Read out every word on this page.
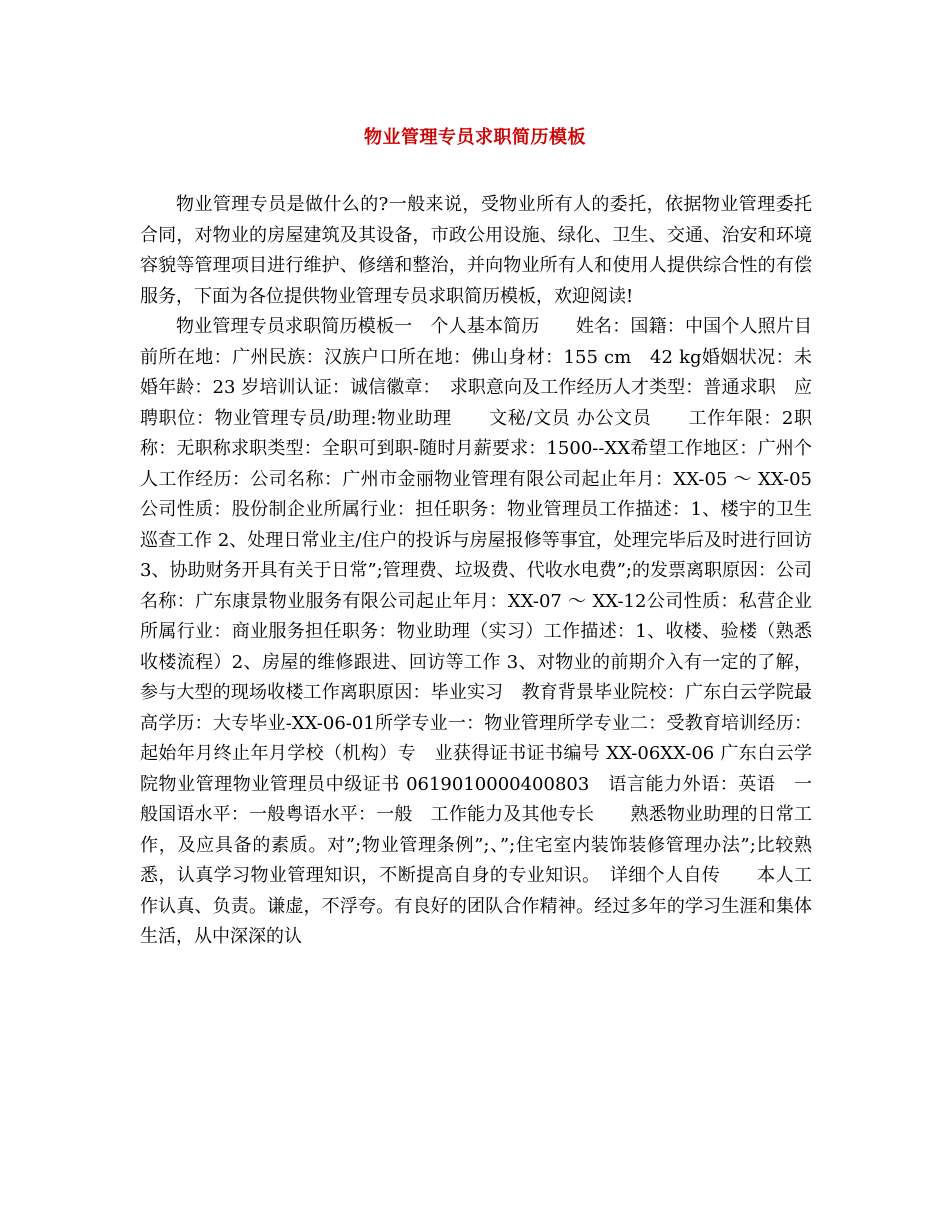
物业管理专员求职简历模板

物业管理专员是做什么的?一般来说，受物业所有人的委托，依据物业管理委托合同，对物业的房屋建筑及其设备，市政公用设施、绿化、卫生、交通、治安和环境容貌等管理项目进行维护、修缮和整治，并向物业所有人和使用人提供综合性的有偿服务，下面为各位提供物业管理专员求职简历模板，欢迎阅读!

物业管理专员求职简历模板一　个人基本简历　　姓名：国籍：中国个人照片目前所在地：广州民族：汉族户口所在地：佛山身材：155 cm　42 kg婚姻状况：未婚年龄：23 岁培训认证：诚信徽章：　求职意向及工作经历人才类型：普通求职　应聘职位：物业管理专员/助理:物业助理　　文秘/文员 办公文员　　工作年限：2职称：无职称求职类型：全职可到职-随时月薪要求：1500--XX希望工作地区：广州个人工作经历：公司名称：广州市金丽物业管理有限公司起止年月：XX-05 ～ XX-05公司性质：股份制企业所属行业：担任职务：物业管理员工作描述：1、楼宇的卫生巡查工作 2、处理日常业主/住户的投诉与房屋报修等事宜，处理完毕后及时进行回访 3、协助财务开具有关于日常”;管理费、垃圾费、代收水电费”;的发票离职原因：公司名称：广东康景物业服务有限公司起止年月：XX-07 ～ XX-12公司性质：私营企业所属行业：商业服务担任职务：物业助理（实习）工作描述：1、收楼、验楼（熟悉收楼流程）2、房屋的维修跟进、回访等工作 3、对物业的前期介入有一定的了解，参与大型的现场收楼工作离职原因：毕业实习　教育背景毕业院校：广东白云学院最高学历：大专毕业-XX-06-01所学专业一：物业管理所学专业二：受教育培训经历：起始年月终止年月学校（机构）专　业获得证书证书编号 XX-06XX-06 广东白云学院物业管理物业管理员中级证书 0619010000400803　语言能力外语：英语　一般国语水平：一般粤语水平：一般　工作能力及其他专长　　熟悉物业助理的日常工作，及应具备的素质。对”;物业管理条例”;、”;住宅室内装饰装修管理办法”;比较熟悉，认真学习物业管理知识，不断提高自身的专业知识。　详细个人自传　　本人工作认真、负责。谦虚，不浮夸。有良好的团队合作精神。经过多年的学习生涯和集体生活，从中深深的认
